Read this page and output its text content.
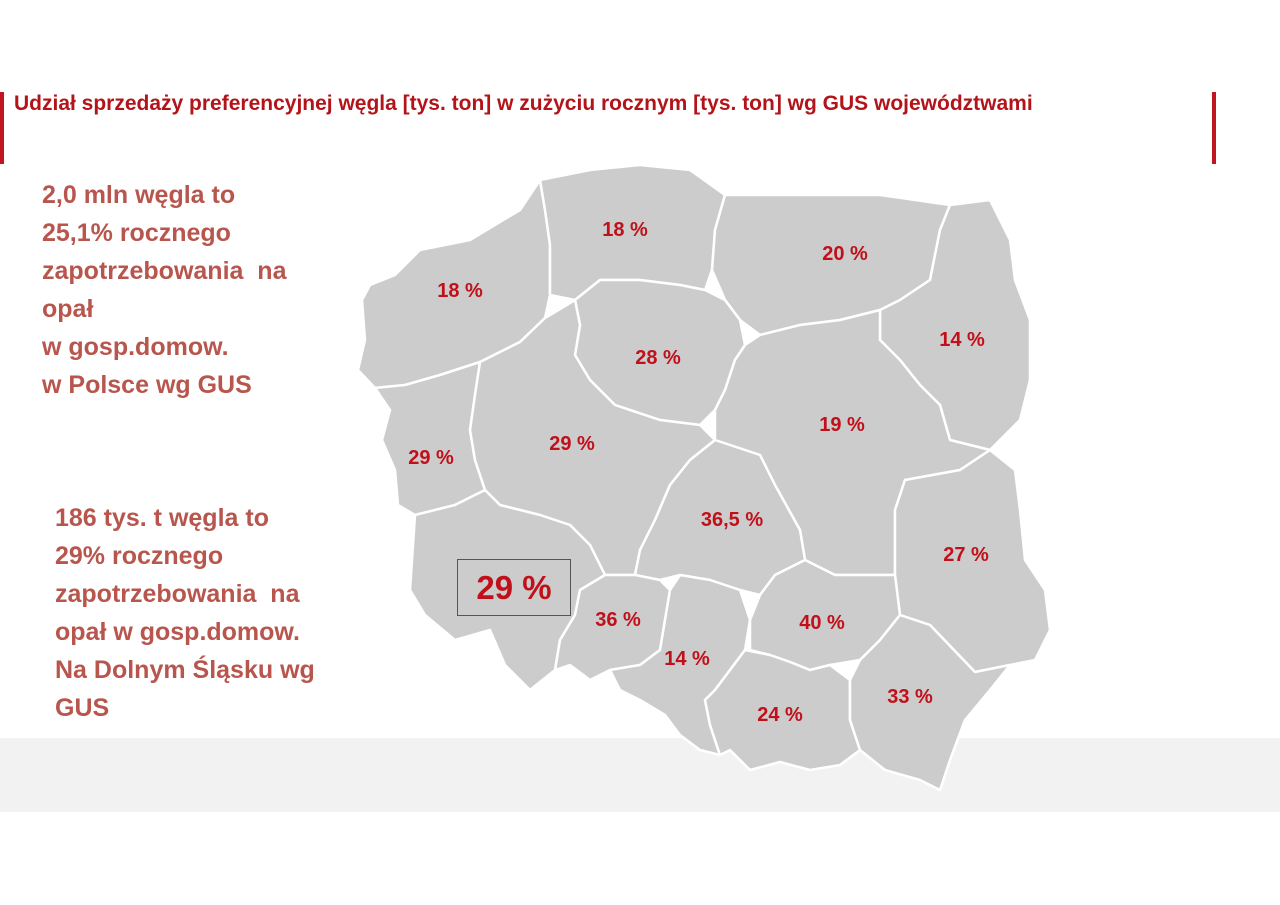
Udział sprzedaży preferencyjnej węgla [tys. ton] w zużyciu rocznym [tys. ton] wg GUS województwami
2,0 mln węgla to
25,1% rocznego
zapotrzebowania  na
opał
w gosp.domow.
w Polsce wg GUS
186 tys. t węgla to
29% rocznego
zapotrzebowania  na
opał w gosp.domow.
Na Dolnym Śląsku wg
GUS
18 %
18 %
20 %
14 %
28 %
29 %
29 %
19 %
36,5 %
27 %
36 %
14 %
40 %
24 %
33 %
29 %
